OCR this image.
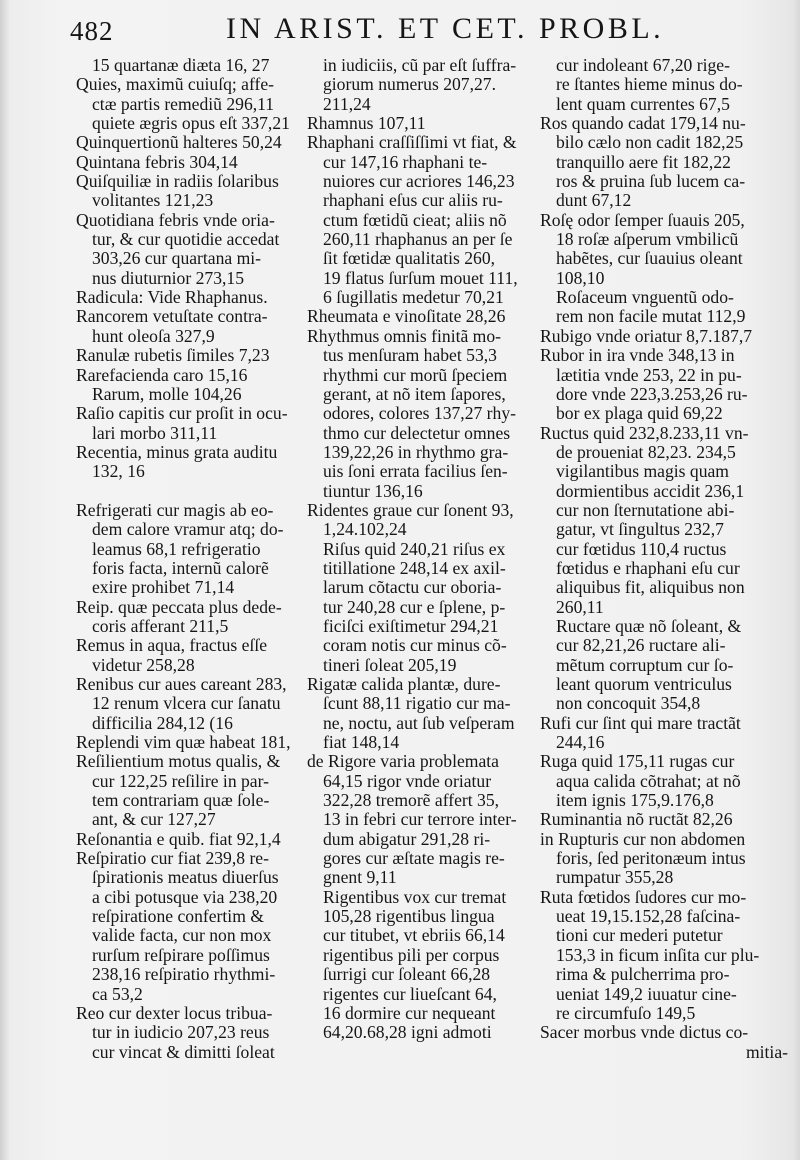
482	IN ARIST. ET CET. PROBL.
15 quartanæ diæta 16, 27
Quies, maximũ cuiuſq; affe-
ctæ partis remediũ 296,11
quiete ægris opus eſt 337,21
Quinquertionũ halteres 50,24
Quintana febris 304,14
Quiſquiliæ in radiis ſolaribus
volitantes 121,23
Quotidiana febris vnde oria-
tur, & cur quotidie accedat
303,26 cur quartana mi-
nus diuturnior 273,15
Radicula: Vide Rhaphanus.
Rancorem vetuſtate contra-
hunt oleoſa 327,9
Ranulæ rubetis ſimiles 7,23
Rarefacienda caro 15,16
Rarum, molle 104,26
Raſio capitis cur proſit in ocu-
lari morbo 311,11
Recentia, minus grata auditu
132, 16
Refrigerati cur magis ab eo-
dem calore vramur atq; do-
leamus 68,1 refrigeratio
foris facta, internũ calorẽ
exire prohibet 71,14
Reip. quæ peccata plus dede-
coris afferant 211,5
Remus in aqua, fractus eſſe
videtur 258,28
Renibus cur aues careant 283,
12 renum vlcera cur ſanatu
difficilia 284,12 (16
Replendi vim quæ habeat 181,
Reſilientium motus qualis, &
cur 122,25 reſilire in par-
tem contrariam quæ ſole-
ant, & cur 127,27
Reſonantia e quib. fiat 92,1,4
Reſpiratio cur fiat 239,8 re-
ſpirationis meatus diuerſus
a cibi potusque via 238,20
reſpiratione confertim &
valide facta, cur non mox
rurſum reſpirare poſſimus
238,16 reſpiratio rhythmi-
ca 53,2
Reo cur dexter locus tribua-
tur in iudicio 207,23 reus
cur vincat & dimitti ſoleat
in iudiciis, cũ par eſt ſuffra-
giorum numerus 207,27.
211,24
Rhamnus 107,11
Rhaphani craſſiſſimi vt fiat, &
cur 147,16 rhaphani te-
nuiores cur acriores 146,23
rhaphani eſus cur aliis ru-
ctum fœtidũ cieat; aliis nõ
260,11 rhaphanus an per ſe
ſit fœtidæ qualitatis 260,
19 flatus ſurſum mouet 111,
6 ſugillatis medetur 70,21
Rheumata e vinoſitate 28,26
Rhythmus omnis finitã mo-
tus menſuram habet 53,3
rhythmi cur morũ ſpeciem
gerant, at nõ item ſapores,
odores, colores 137,27 rhy-
thmo cur delectetur omnes
139,22,26 in rhythmo gra-
uis ſoni errata facilius ſen-
tiuntur 136,16
Ridentes graue cur ſonent 93,
1,24.102,24
Riſus quid 240,21 riſus ex
titillatione 248,14 ex axil-
larum cõtactu cur oboria-
tur 240,28 cur e ſplene, p-
ficiſci exiſtimetur 294,21
coram notis cur minus cõ-
tineri ſoleat 205,19
Rigatæ calida plantæ, dure-
ſcunt 88,11 rigatio cur ma-
ne, noctu, aut ſub veſperam
fiat 148,14
de Rigore varia problemata
64,15 rigor vnde oriatur
322,28 tremorẽ affert 35,
13 in febri cur terrore inter-
dum abigatur 291,28 ri-
gores cur æſtate magis re-
gnent 9,11
Rigentibus vox cur tremat
105,28 rigentibus lingua
cur titubet, vt ebriis 66,14
rigentibus pili per corpus
ſurrigi cur ſoleant 66,28
rigentes cur liueſcant 64,
16 dormire cur nequeant
64,20.68,28 igni admoti
cur indoleant 67,20 rige-
re ſtantes hieme minus do-
lent quam currentes 67,5
Ros quando cadat 179,14 nu-
bilo cælo non cadit 182,25
tranquillo aere fit 182,22
ros & pruina ſub lucem ca-
dunt 67,12
Roſę odor ſemper ſuauis 205,
18 roſæ aſperum vmbilicũ
habẽtes, cur ſuauius oleant
108,10
Roſaceum vnguentũ odo-
rem non facile mutat 112,9
Rubigo vnde oriatur 8,7.187,7
Rubor in ira vnde 348,13 in
lætitia vnde 253, 22 in pu-
dore vnde 223,3.253,26 ru-
bor ex plaga quid 69,22
Ructus quid 232,8.233,11 vn-
de proueniat 82,23. 234,5
vigilantibus magis quam
dormientibus accidit 236,1
cur non ſternutatione abi-
gatur, vt ſingultus 232,7
cur fœtidus 110,4 ructus
fœtidus e rhaphani eſu cur
aliquibus fit, aliquibus non
260,11
Ructare quæ nõ ſoleant, &
cur 82,21,26 ructare ali-
mẽtum corruptum cur ſo-
leant quorum ventriculus
non concoquit 354,8
Rufi cur ſint qui mare tractãt
244,16
Ruga quid 175,11 rugas cur
aqua calida cõtrahat; at nõ
item ignis 175,9.176,8
Ruminantia nõ ructãt 82,26
in Rupturis cur non abdomen
foris, ſed peritonæum intus
rumpatur 355,28
Ruta fœtidos ſudores cur mo-
ueat 19,15.152,28 faſcina-
tioni cur mederi putetur
153,3 in ficum inſita cur plu-
rima & pulcherrima pro-
ueniat 149,2 iuuatur cine-
re circumfuſo 149,5
Sacer morbus vnde dictus co-
mitia-
